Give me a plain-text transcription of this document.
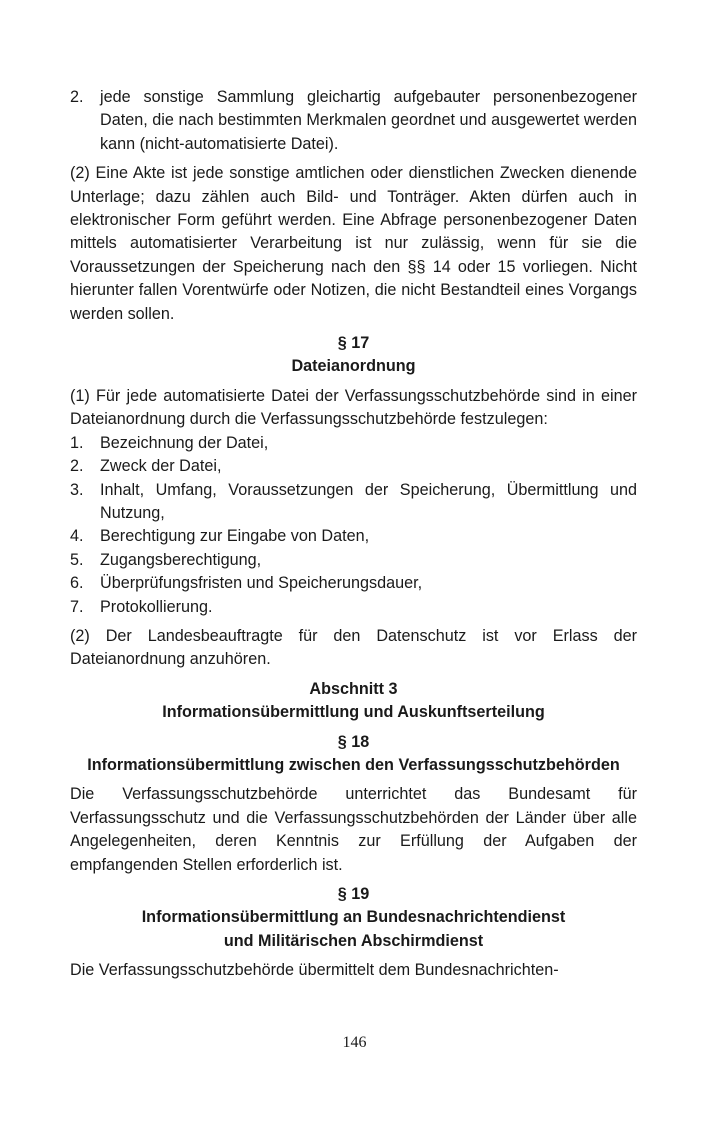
2. jede sonstige Sammlung gleichartig aufgebauter personenbezogener Daten, die nach bestimmten Merkmalen geordnet und ausgewertet werden kann (nicht-automatisierte Datei).

(2) Eine Akte ist jede sonstige amtlichen oder dienstlichen Zwecken dienende Unterlage; dazu zählen auch Bild- und Tonträger. Akten dürfen auch in elektronischer Form geführt werden. Eine Abfrage personenbezogener Daten mittels automatisierter Verarbeitung ist nur zulässig, wenn für sie die Voraussetzungen der Speicherung nach den §§ 14 oder 15 vorliegen. Nicht hierunter fallen Vorentwürfe oder Notizen, die nicht Bestandteil eines Vorgangs werden sollen.

§ 17
Dateianordnung

(1) Für jede automatisierte Datei der Verfassungsschutzbehörde sind in einer Dateianordnung durch die Verfassungsschutzbehörde festzulegen:

1. Bezeichnung der Datei,
2. Zweck der Datei,
3. Inhalt, Umfang, Voraussetzungen der Speicherung, Übermittlung und Nutzung,
4. Berechtigung zur Eingabe von Daten,
5. Zugangsberechtigung,
6. Überprüfungsfristen und Speicherungsdauer,
7. Protokollierung.

(2) Der Landesbeauftragte für den Datenschutz ist vor Erlass der Dateianordnung anzuhören.

Abschnitt 3
Informationsübermittlung und Auskunftserteilung
§ 18
Informationsübermittlung zwischen den Verfassungsschutzbehörden

Die Verfassungsschutzbehörde unterrichtet das Bundesamt für Verfassungsschutz und die Verfassungsschutzbehörden der Länder über alle Angelegenheiten, deren Kenntnis zur Erfüllung der Aufgaben der empfangenden Stellen erforderlich ist.

§ 19
Informationsübermittlung an Bundesnachrichtendienst
und Militärischen Abschirmdienst

Die Verfassungsschutzbehörde übermittelt dem Bundesnachrichten-

146
